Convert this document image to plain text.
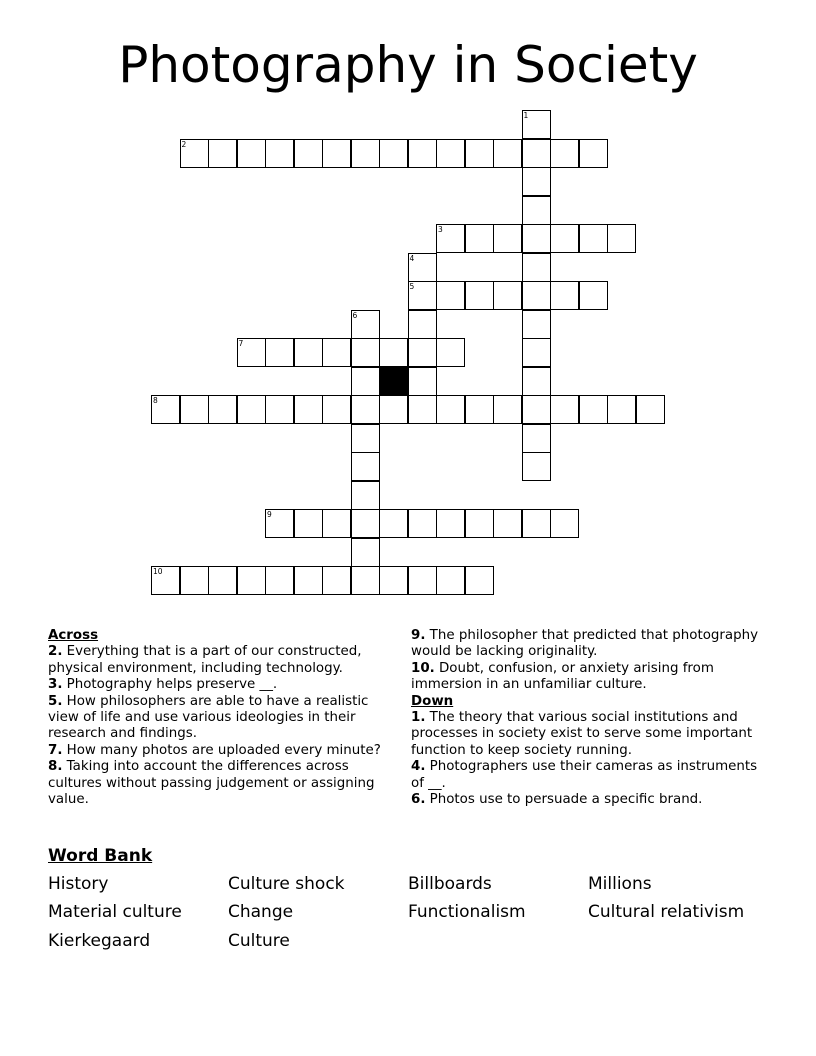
Photography in Society
1
2
3
4
5
6
7
8
9
10
Across
2. Everything that is a part of our constructed, physical environment, including technology.
3. Photography helps preserve __.
5. How philosophers are able to have a realistic view of life and use various ideologies in their research and findings.
7. How many photos are uploaded every minute?
8. Taking into account the differences across cultures without passing judgement or assigning value.
9. The philosopher that predicted that photography would be lacking originality.
10. Doubt, confusion, or anxiety arising from immersion in an unfamiliar culture.
Down
1. The theory that various social institutions and processes in society exist to serve some important function to keep society running.
4. Photographers use their cameras as instruments of __.
6. Photos use to persuade a specific brand.
Word Bank
History	Culture shock	Billboards	Millions
Material culture	Change	Functionalism	Cultural relativism
Kierkegaard	Culture
